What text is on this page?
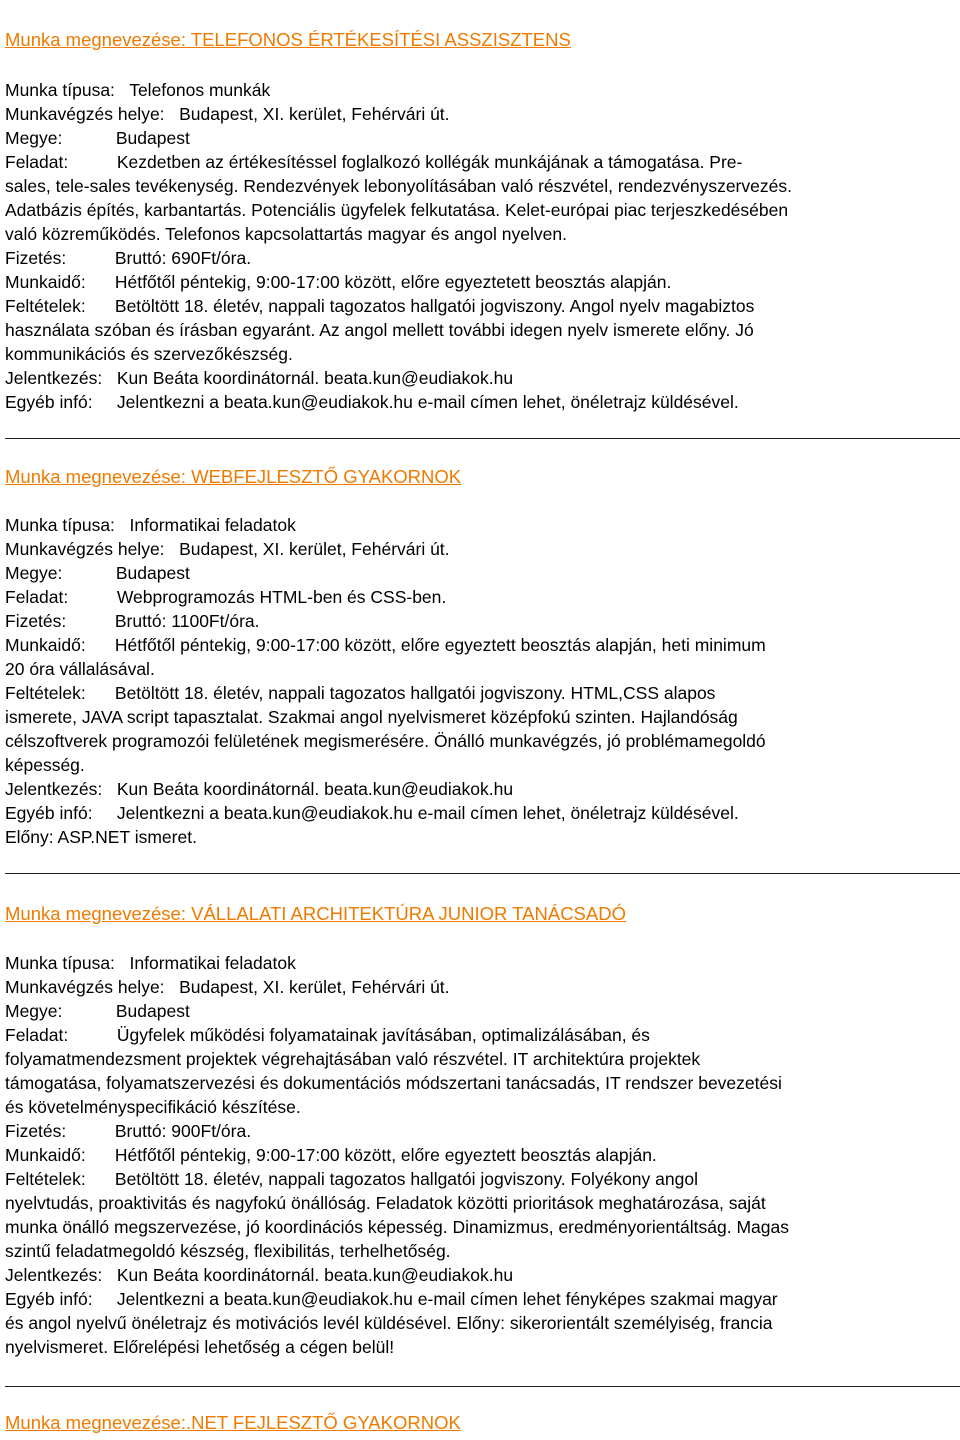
Munka megnevezése: TELEFONOS ÉRTÉKESÍTÉSI ASSZISZTENS
Munka típusa:   Telefonos munkák
Munkavégzés helye:   Budapest, XI. kerület, Fehérvári út.
Megye:           Budapest
Feladat:          Kezdetben az értékesítéssel foglalkozó kollégák munkájának a támogatása. Pre-
sales, tele-sales tevékenység. Rendezvények lebonyolításában való részvétel, rendezvényszervezés.
Adatbázis építés, karbantartás. Potenciális ügyfelek felkutatása. Kelet-európai piac terjeszkedésében
való közreműködés. Telefonos kapcsolattartás magyar és angol nyelven.
Fizetés:          Bruttó: 690Ft/óra.
Munkaidő:      Hétfőtől péntekig, 9:00-17:00 között, előre egyeztetett beosztás alapján.
Feltételek:      Betöltött 18. életév, nappali tagozatos hallgatói jogviszony. Angol nyelv magabiztos
használata szóban és írásban egyaránt. Az angol mellett további idegen nyelv ismerete előny. Jó
kommunikációs és szervezőkészség.
Jelentkezés:   Kun Beáta koordinátornál. beata.kun@eudiakok.hu
Egyéb infó:     Jelentkezni a beata.kun@eudiakok.hu e-mail címen lehet, önéletrajz küldésével.
Munka megnevezése: WEBFEJLESZTŐ GYAKORNOK
Munka típusa:   Informatikai feladatok
Munkavégzés helye:   Budapest, XI. kerület, Fehérvári út.
Megye:           Budapest
Feladat:          Webprogramozás HTML-ben és CSS-ben.
Fizetés:          Bruttó: 1100Ft/óra.
Munkaidő:      Hétfőtől péntekig, 9:00-17:00 között, előre egyeztett beosztás alapján, heti minimum
20 óra vállalásával.
Feltételek:      Betöltött 18. életév, nappali tagozatos hallgatói jogviszony. HTML,CSS alapos
ismerete, JAVA script tapasztalat. Szakmai angol nyelvismeret középfokú szinten. Hajlandóság
célszoftverek programozói felületének megismerésére. Önálló munkavégzés, jó problémamegoldó
képesség.
Jelentkezés:   Kun Beáta koordinátornál. beata.kun@eudiakok.hu
Egyéb infó:     Jelentkezni a beata.kun@eudiakok.hu e-mail címen lehet, önéletrajz küldésével.
Előny: ASP.NET ismeret.
Munka megnevezése: VÁLLALATI ARCHITEKTÚRA JUNIOR TANÁCSADÓ
Munka típusa:   Informatikai feladatok
Munkavégzés helye:   Budapest, XI. kerület, Fehérvári út.
Megye:           Budapest
Feladat:          Ügyfelek működési folyamatainak javításában, optimalizálásában, és
folyamatmendezsment projektek végrehajtásában való részvétel. IT architektúra projektek
támogatása, folyamatszervezési és dokumentációs módszertani tanácsadás, IT rendszer bevezetési
és követelményspecifikáció készítése.
Fizetés:          Bruttó: 900Ft/óra.
Munkaidő:      Hétfőtől péntekig, 9:00-17:00 között, előre egyeztett beosztás alapján.
Feltételek:      Betöltött 18. életév, nappali tagozatos hallgatói jogviszony. Folyékony angol
nyelvtudás, proaktivitás és nagyfokú önállóság. Feladatok közötti prioritások meghatározása, saját
munka önálló megszervezése, jó koordinációs képesség. Dinamizmus, eredményorientáltság. Magas
szintű feladatmegoldó készség, flexibilitás, terhelhetőség.
Jelentkezés:   Kun Beáta koordinátornál. beata.kun@eudiakok.hu
Egyéb infó:     Jelentkezni a beata.kun@eudiakok.hu e-mail címen lehet fényképes szakmai magyar
és angol nyelvű önéletrajz és motivációs levél küldésével. Előny: sikerorientált személyiség, francia
nyelvismeret. Előrelépési lehetőség a cégen belül!
Munka megnevezése:.NET FEJLESZTŐ GYAKORNOK
